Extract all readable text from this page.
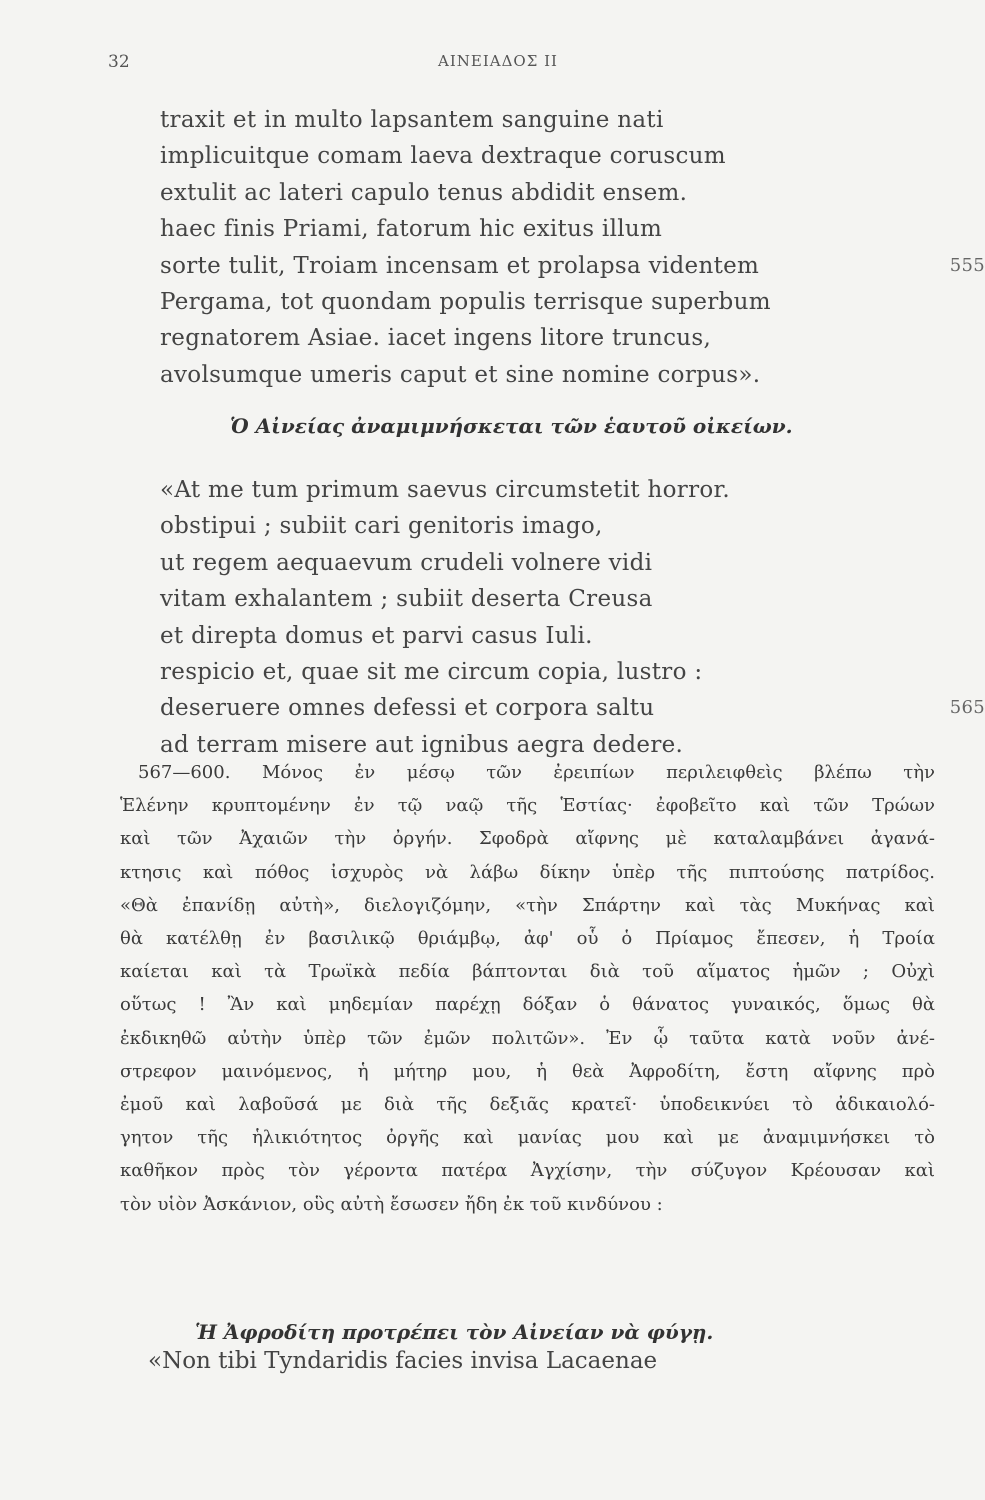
32	ΑΙΝΕΙΑΔΟΣ II
traxit et in multo lapsantem sanguine nati
implicuitque comam laeva dextraque coruscum
extulit ac lateri capulo tenus abdidit ensem.
haec finis Priami, fatorum hic exitus illum
sorte tulit, Troiam incensam et prolapsa videntem	555
Pergama, tot quondam populis terrisque superbum
regnatorem Asiae. iacet ingens litore truncus,
avolsumque umeris caput et sine nomine corpus».
Ὁ Αἰνείας ἀναμιμνήσκεται τῶν ἑαυτοῦ οἰκείων.
«At me tum primum saevus circumstetit horror.
obstipui ; subiit cari genitoris imago,
ut regem aequaevum crudeli volnere vidi
vitam exhalantem ; subiit deserta Creusa
et direpta domus et parvi casus Iuli.
respicio et, quae sit me circum copia, lustro :
deseruere omnes defessi et corpora saltu	565
ad terram misere aut ignibus aegra dedere.
567—600. Μόνος ἐν μέσῳ τῶν ἐρειπίων περιλειφθεὶς βλέπω τὴν
Ἑλένην κρυπτομένην ἐν τῷ ναῷ τῆς Ἑστίας· ἐφοβεῖτο καὶ τῶν Τρώων
καὶ τῶν Ἀχαιῶν τὴν ὀργήν. Σφοδρὰ αἴφνης μὲ καταλαμβάνει ἀγανά-
κτησις καὶ πόθος ἰσχυρὸς νὰ λάβω δίκην ὑπὲρ τῆς πιπτούσης πατρίδος.
«Θὰ ἐπανίδῃ αὐτὴ», διελογιζόμην, «τὴν Σπάρτην καὶ τὰς Μυκήνας καὶ
θὰ κατέλθῃ ἐν βασιλικῷ θριάμβῳ, ἀφ' οὗ ὁ Πρίαμος ἔπεσεν, ἡ Τροία
καίεται καὶ τὰ Τρωϊκὰ πεδία βάπτονται διὰ τοῦ αἵματος ἡμῶν ; Οὐχὶ
οὕτως ! Ἂν καὶ μηδεμίαν παρέχῃ δόξαν ὁ θάνατος γυναικός, ὅμως θὰ
ἐκδικηθῶ αὐτὴν ὑπὲρ τῶν ἐμῶν πολιτῶν». Ἐν ᾧ ταῦτα κατὰ νοῦν ἀνέ-
στρεφον μαινόμενος, ἡ μήτηρ μου, ἡ θεὰ Ἀφροδίτη, ἔστη αἴφνης πρὸ
ἐμοῦ καὶ λαβοῦσά με διὰ τῆς δεξιᾶς κρατεῖ· ὑποδεικνύει τὸ ἀδικαιολό-
γητον τῆς ἡλικιότητος ὀργῆς καὶ μανίας μου καὶ με ἀναμιμνήσκει τὸ
καθῆκον πρὸς τὸν γέροντα πατέρα Ἀγχίσην, τὴν σύζυγον Κρέουσαν καὶ
τὸν υἱὸν Ἀσκάνιον, οὓς αὐτὴ ἔσωσεν ἤδη ἐκ τοῦ κινδύνου :
Ἡ Ἀφροδίτη προτρέπει τὸν Αἰνείαν νὰ φύγῃ.
«Non tibi Tyndaridis facies invisa Lacaenae
